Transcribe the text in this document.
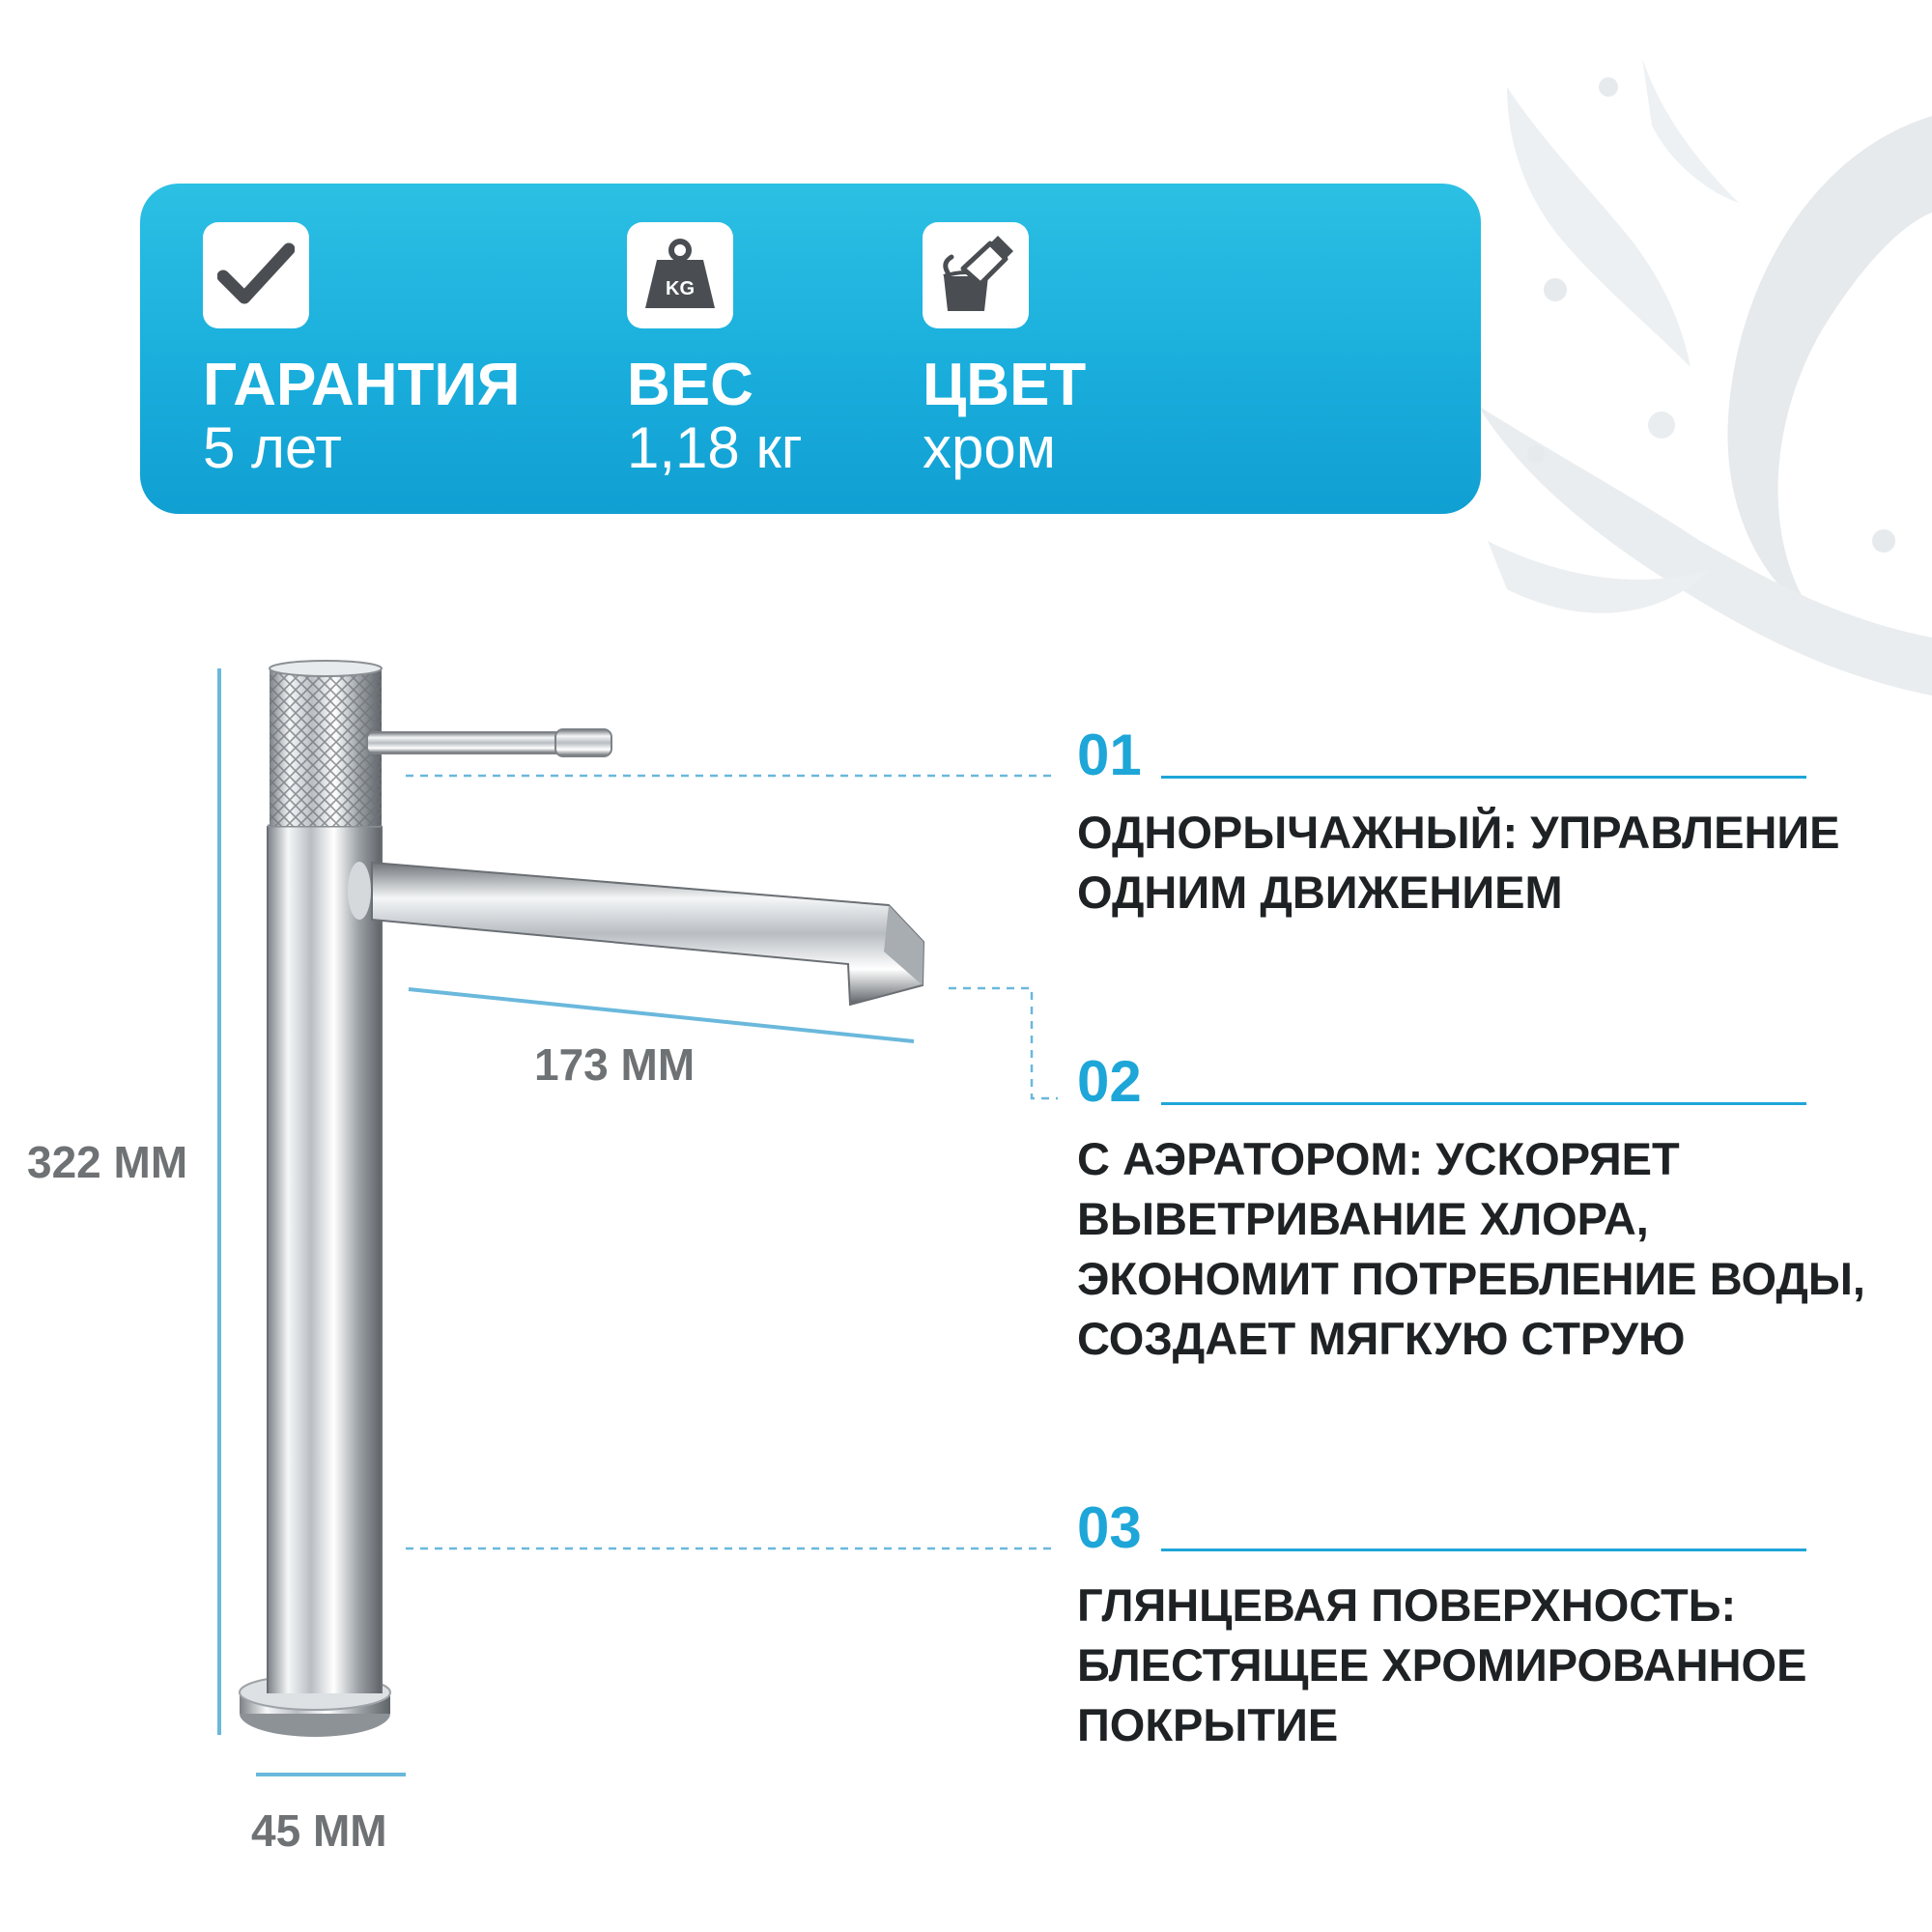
ГАРАНТИЯ
5 лет
KG
ВЕС
1,18 кг
ЦВЕТ
хром
322 ММ
173 ММ
45 ММ
01
ОДНОРЫЧАЖНЫЙ: УПРАВЛЕНИЕ ОДНИМ ДВИЖЕНИЕМ
02
С АЭРАТОРОМ: УСКОРЯЕТ ВЫВЕТРИВАНИЕ ХЛОРА, ЭКОНОМИТ ПОТРЕБЛЕНИЕ ВОДЫ, СОЗДАЕТ МЯГКУЮ СТРУЮ
03
ГЛЯНЦЕВАЯ ПОВЕРХНОСТЬ: БЛЕСТЯЩЕЕ ХРОМИРОВАННОЕ ПОКРЫТИЕ
